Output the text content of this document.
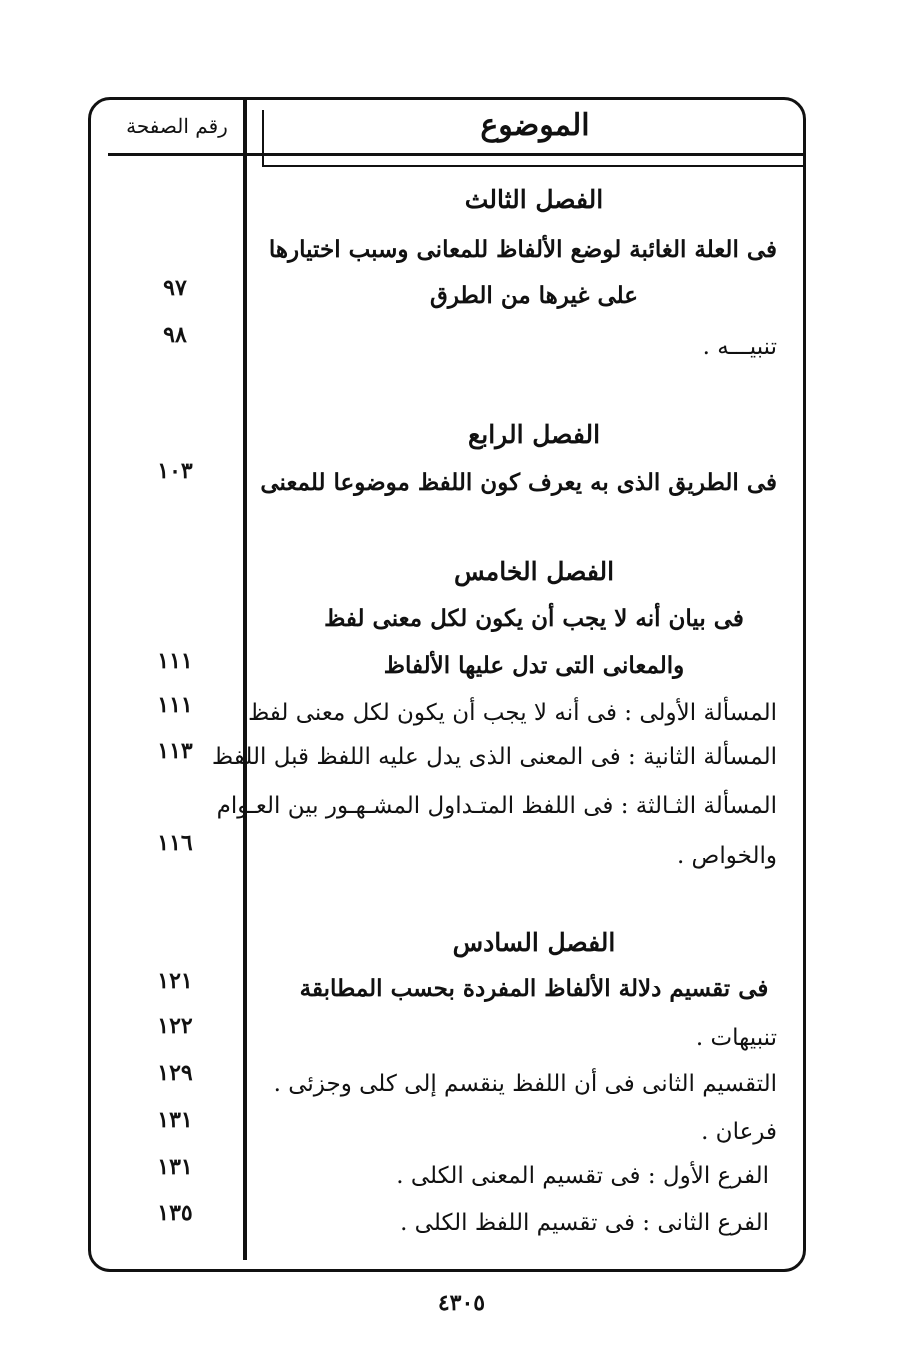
الموضوع
رقم الصفحة
الفصل الثالث
فى العلة الغائبة لوضع الألفاظ للمعانى وسبب اختيارها
على غيرها من الطرق
٩٧
تنبيـــه .
٩٨
الفصل الرابع
فى الطريق الذى به يعرف كون اللفظ موضوعا للمعنى
١٠٣
الفصل الخامس
فى بيان أنه لا يجب أن يكون لكل معنى لفظ
والمعانى التى تدل عليها الألفاظ
١١١
المسألة الأولى : فى أنه لا يجب أن يكون لكل معنى لفظ
١١١
المسألة الثانية : فى المعنى الذى يدل عليه اللفظ قبل اللفظ
١١٣
المسألة الثـالثة : فى اللفظ المتـداول المشـهـور بين العـوام
والخواص .
١١٦
الفصل السادس
فى تقسيم دلالة الألفاظ المفردة بحسب المطابقة
١٢١
تنبيهات .
١٢٢
التقسيم الثانى فى أن اللفظ ينقسم إلى كلى وجزئى .
١٢٩
فرعان .
١٣١
الفرع الأول : فى تقسيم المعنى الكلى .
١٣١
الفرع الثانى : فى تقسيم اللفظ الكلى .
١٣٥
٤٣٠٥
